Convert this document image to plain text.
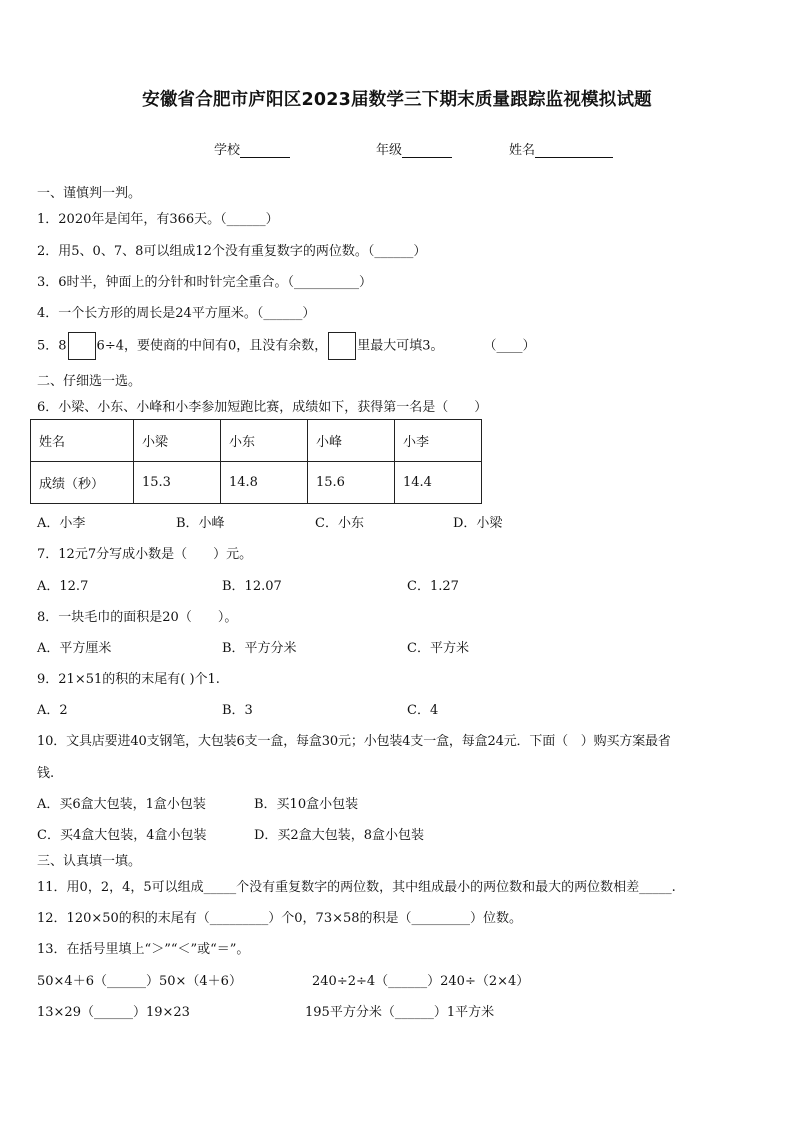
安徽省合肥市庐阳区2023届数学三下期末质量跟踪监视模拟试题
学校	年级	姓名
一、谨慎判一判。
1．2020年是闰年，有366天。（______）
2．用5、0、7、8可以组成12个没有重复数字的两位数。（______）
3．6时半，钟面上的分针和时针完全重合。（__________）
4．一个长方形的周长是24平方厘米。（______）
5．8 6÷4，要使商的中间有0，且没有余数， 里最大可填3。	（____）
二、仔细选一选。
6．小梁、小东、小峰和小李参加短跑比赛，成绩如下，获得第一名是（　　）
姓名	小梁	小东	小峰	小李
成绩（秒）	15.3	14.8	15.6	14.4
A．小李	B．小峰	C．小东	D．小梁
7．12元7分写成小数是（　　）元。
A．12.7	B．12.07	C．1.27
8．一块毛巾的面积是20（　　）。
A．平方厘米	B．平方分米	C．平方米
9．21×51的积的末尾有( )个1.
A．2	B．3	C．4
10．文具店要进40支钢笔，大包装6支一盒，每盒30元；小包装4支一盒，每盒24元．下面（　）购买方案最省
钱.
A．买6盒大包装，1盒小包装	B．买10盒小包装
C．买4盒大包装，4盒小包装	D．买2盒大包装，8盒小包装
三、认真填一填。
11．用0，2，4，5可以组成_____个没有重复数字的两位数，其中组成最小的两位数和最大的两位数相差_____.
12．120×50的积的末尾有（_________）个0，73×58的积是（_________）位数。
13．在括号里填上“＞”“＜”或“＝”。
50×4＋6（______）50×（4＋6）	240÷2÷4（______）240÷（2×4）
13×29（______）19×23	195平方分米（______）1平方米
